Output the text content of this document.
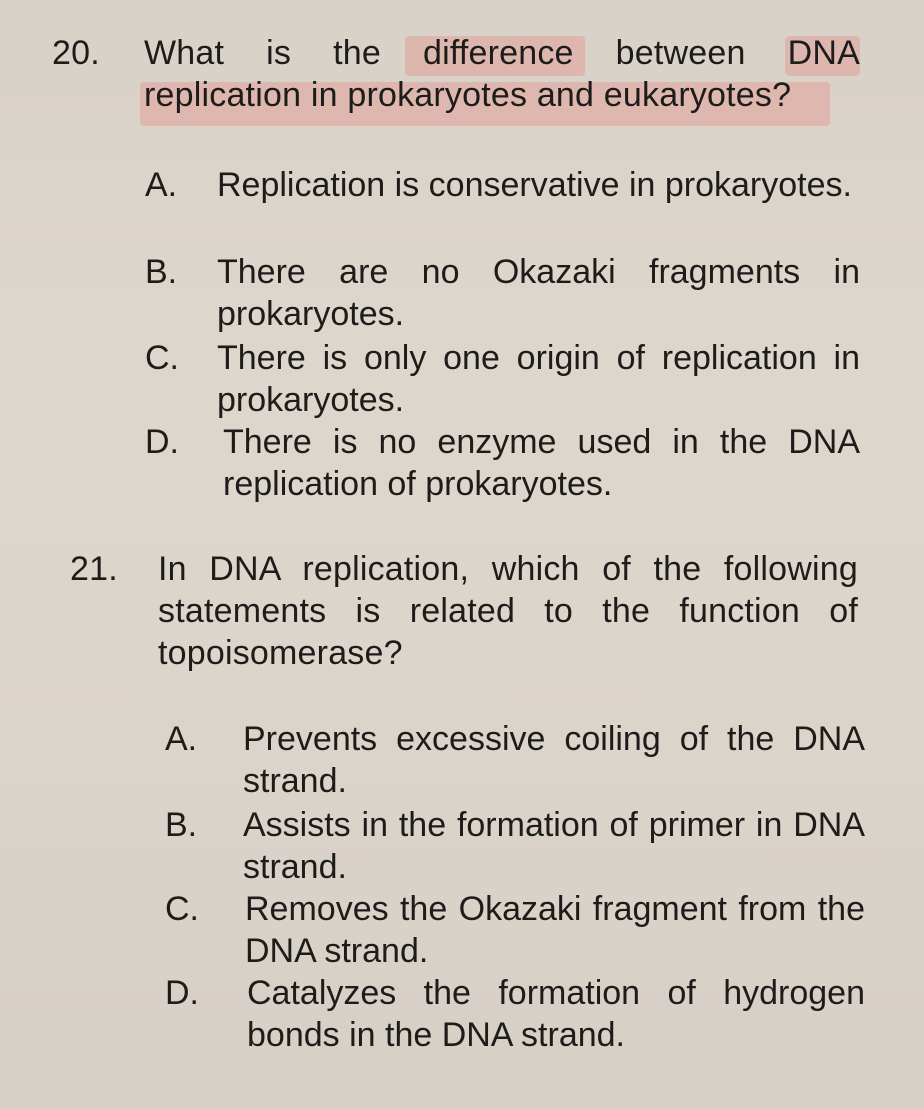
20. What is the difference between DNA replication in prokaryotes and eukaryotes?
A. Replication is conservative in prokaryotes.
B. There are no Okazaki fragments in prokaryotes.
C. There is only one origin of replication in prokaryotes.
D. There is no enzyme used in the DNA replication of prokaryotes.
21. In DNA replication, which of the following statements is related to the function of topoisomerase?
A. Prevents excessive coiling of the DNA strand.
B. Assists in the formation of primer in DNA strand.
C. Removes the Okazaki fragment from the DNA strand.
D. Catalyzes the formation of hydrogen bonds in the DNA strand.
